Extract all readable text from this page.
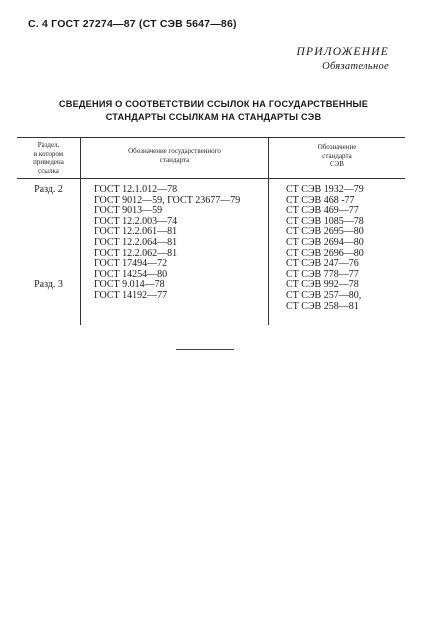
С. 4 ГОСТ 27274—87 (СТ СЭВ 5647—86)
ПРИЛОЖЕНИЕ
Обязательное
СВЕДЕНИЯ О СООТВЕТСТВИИ ССЫЛОК НА ГОСУДАРСТВЕННЫЕ
СТАНДАРТЫ ССЫЛКАМ НА СТАНДАРТЫ СЭВ
Раздел,
в котором
приведена
ссылка
Обозначение государственного
стандарта
Обозначение
стандарта
СЭВ
Разд. 2
Разд. 3
ГОСТ 12.1.012—78
ГОСТ 9012—59, ГОСТ 23677—79
ГОСТ 9013—59
ГОСТ 12.2.003—74
ГОСТ 12.2.061—81
ГОСТ 12.2.064—81
ГОСТ 12.2.062—81
ГОСТ 17494—72
ГОСТ 14254—80
ГОСТ 9.014—78
ГОСТ 14192—77
СТ СЭВ 1932—79
СТ СЭВ 468 -77
СТ СЭВ 469—77
СТ СЭВ 1085—78
СТ СЭВ 2695—80
СТ СЭВ 2694—80
СТ СЭВ 2696—80
СТ СЭВ 247—76
СТ СЭВ 778—77
СТ СЭВ 992—78
СТ СЭВ 257—80,
СТ СЭВ 258—81
